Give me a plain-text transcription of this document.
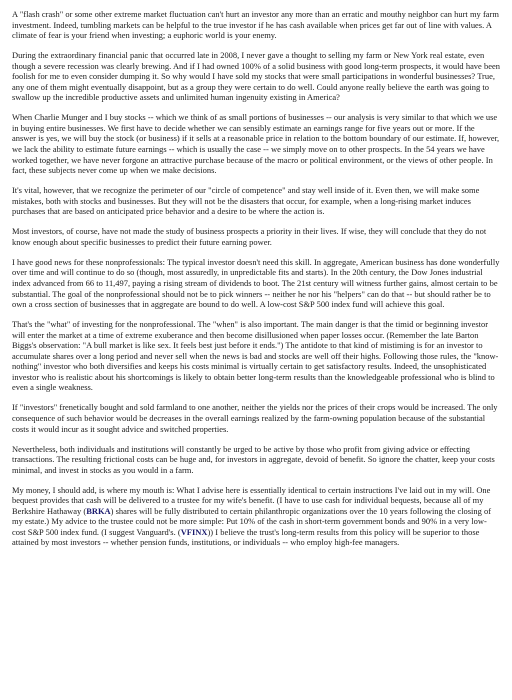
A "flash crash" or some other extreme market fluctuation can't hurt an investor any more than an erratic and mouthy neighbor can hurt my farm investment. Indeed, tumbling markets can be helpful to the true investor if he has cash available when prices get far out of line with values. A climate of fear is your friend when investing; a euphoric world is your enemy.

During the extraordinary financial panic that occurred late in 2008, I never gave a thought to selling my farm or New York real estate, even though a severe recession was clearly brewing. And if I had owned 100% of a solid business with good long-term prospects, it would have been foolish for me to even consider dumping it. So why would I have sold my stocks that were small participations in wonderful businesses? True, any one of them might eventually disappoint, but as a group they were certain to do well. Could anyone really believe the earth was going to swallow up the incredible productive assets and unlimited human ingenuity existing in America?

When Charlie Munger and I buy stocks -- which we think of as small portions of businesses -- our analysis is very similar to that which we use in buying entire businesses. We first have to decide whether we can sensibly estimate an earnings range for five years out or more. If the answer is yes, we will buy the stock (or business) if it sells at a reasonable price in relation to the bottom boundary of our estimate. If, however, we lack the ability to estimate future earnings -- which is usually the case -- we simply move on to other prospects. In the 54 years we have worked together, we have never forgone an attractive purchase because of the macro or political environment, or the views of other people. In fact, these subjects never come up when we make decisions.

It's vital, however, that we recognize the perimeter of our "circle of competence" and stay well inside of it. Even then, we will make some mistakes, both with stocks and businesses. But they will not be the disasters that occur, for example, when a long-rising market induces purchases that are based on anticipated price behavior and a desire to be where the action is.

Most investors, of course, have not made the study of business prospects a priority in their lives. If wise, they will conclude that they do not know enough about specific businesses to predict their future earning power.

I have good news for these nonprofessionals: The typical investor doesn't need this skill. In aggregate, American business has done wonderfully over time and will continue to do so (though, most assuredly, in unpredictable fits and starts). In the 20th century, the Dow Jones industrial index advanced from 66 to 11,497, paying a rising stream of dividends to boot. The 21st century will witness further gains, almost certain to be substantial. The goal of the nonprofessional should not be to pick winners -- neither he nor his "helpers" can do that -- but should rather be to own a cross section of businesses that in aggregate are bound to do well. A low-cost S&P 500 index fund will achieve this goal.

That's the "what" of investing for the nonprofessional. The "when" is also important. The main danger is that the timid or beginning investor will enter the market at a time of extreme exuberance and then become disillusioned when paper losses occur. (Remember the late Barton Biggs's observation: "A bull market is like sex. It feels best just before it ends.") The antidote to that kind of mistiming is for an investor to accumulate shares over a long period and never sell when the news is bad and stocks are well off their highs. Following those rules, the "know-nothing" investor who both diversifies and keeps his costs minimal is virtually certain to get satisfactory results. Indeed, the unsophisticated investor who is realistic about his shortcomings is likely to obtain better long-term results than the knowledgeable professional who is blind to even a single weakness.

If "investors" frenetically bought and sold farmland to one another, neither the yields nor the prices of their crops would be increased. The only consequence of such behavior would be decreases in the overall earnings realized by the farm-owning population because of the substantial costs it would incur as it sought advice and switched properties.

Nevertheless, both individuals and institutions will constantly be urged to be active by those who profit from giving advice or effecting transactions. The resulting frictional costs can be huge and, for investors in aggregate, devoid of benefit. So ignore the chatter, keep your costs minimal, and invest in stocks as you would in a farm.

My money, I should add, is where my mouth is: What I advise here is essentially identical to certain instructions I've laid out in my will. One bequest provides that cash will be delivered to a trustee for my wife's benefit. (I have to use cash for individual bequests, because all of my Berkshire Hathaway (BRKA) shares will be fully distributed to certain philanthropic organizations over the 10 years following the closing of my estate.) My advice to the trustee could not be more simple: Put 10% of the cash in short-term government bonds and 90% in a very low-cost S&P 500 index fund. (I suggest Vanguard's. (VFINX)) I believe the trust's long-term results from this policy will be superior to those attained by most investors -- whether pension funds, institutions, or individuals -- who employ high-fee managers.
